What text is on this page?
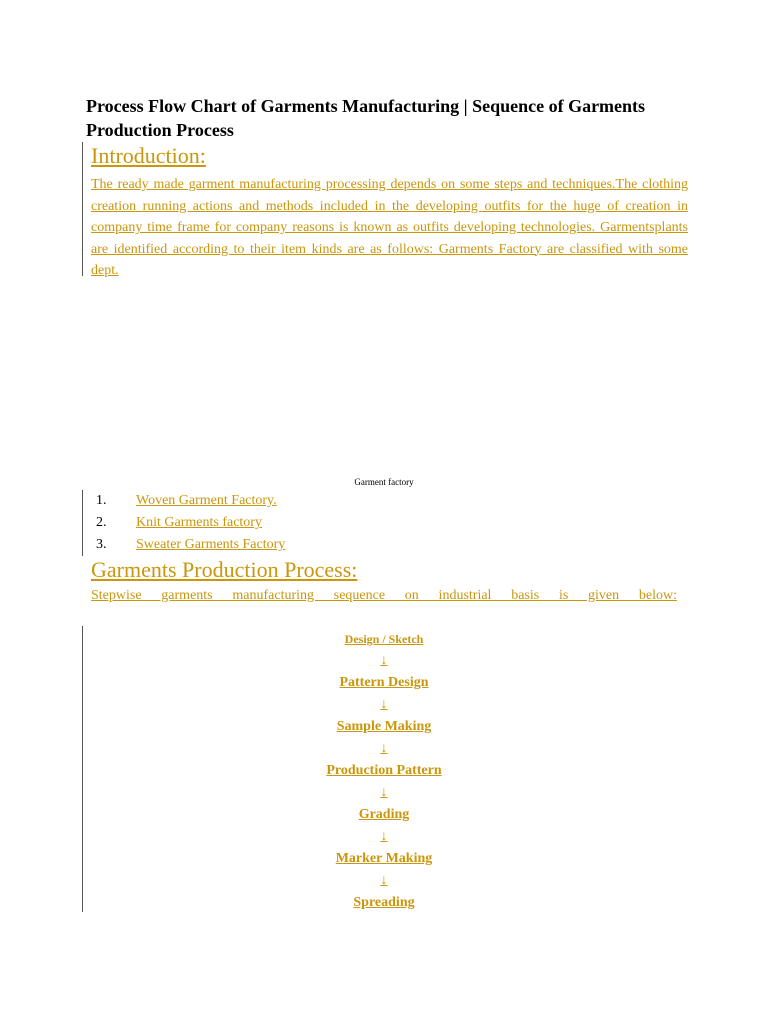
Process Flow Chart of Garments Manufacturing | Sequence of Garments Production Process
Introduction:

The ready made garment manufacturing processing depends on some steps and techniques.The clothing creation running actions and methods included in the developing outfits for the huge of creation in company time frame for company reasons is known as outfits developing technologies. Garmentsplants are identified according to their item kinds are as follows: Garments Factory are classified with some dept.

Garment factory
1. Woven Garment Factory.
2. Knit Garments factory
3. Sweater Garments Factory
Garments Production Process:

Stepwise garments manufacturing sequence on industrial basis is given below:

Design / Sketch
↓
Pattern Design
↓
Sample Making
↓
Production Pattern
↓
Grading
↓
Marker Making
↓
Spreading
